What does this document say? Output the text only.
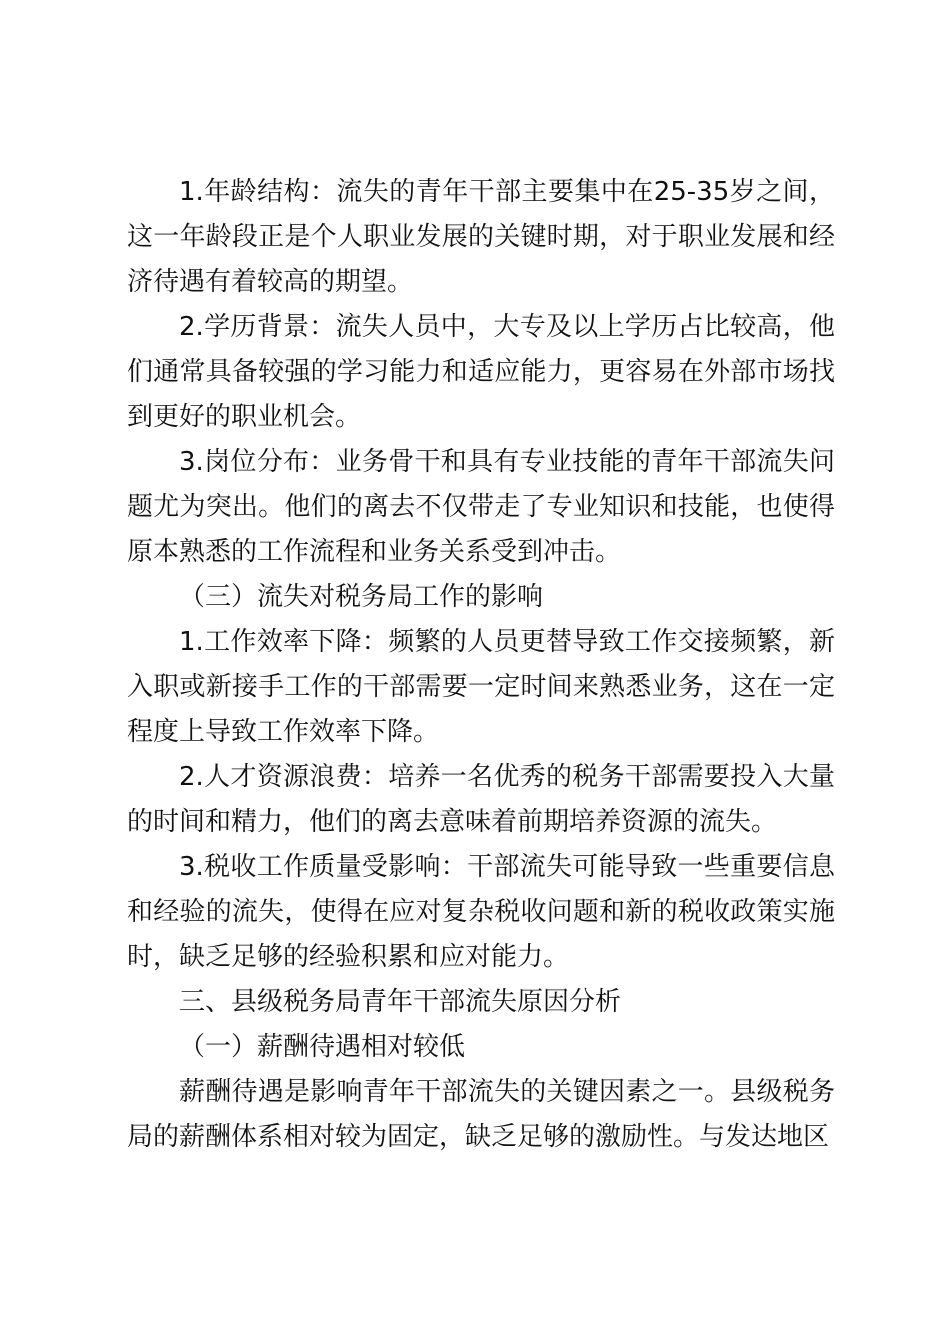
1.年龄结构：流失的青年干部主要集中在25-35岁之间，这一年龄段正是个人职业发展的关键时期，对于职业发展和经济待遇有着较高的期望。

2.学历背景：流失人员中，大专及以上学历占比较高，他们通常具备较强的学习能力和适应能力，更容易在外部市场找到更好的职业机会。

3.岗位分布：业务骨干和具有专业技能的青年干部流失问题尤为突出。他们的离去不仅带走了专业知识和技能，也使得原本熟悉的工作流程和业务关系受到冲击。

（三）流失对税务局工作的影响

1.工作效率下降：频繁的人员更替导致工作交接频繁，新入职或新接手工作的干部需要一定时间来熟悉业务，这在一定程度上导致工作效率下降。

2.人才资源浪费：培养一名优秀的税务干部需要投入大量的时间和精力，他们的离去意味着前期培养资源的流失。

3.税收工作质量受影响：干部流失可能导致一些重要信息和经验的流失，使得在应对复杂税收问题和新的税收政策实施时，缺乏足够的经验积累和应对能力。

三、县级税务局青年干部流失原因分析

（一）薪酬待遇相对较低

薪酬待遇是影响青年干部流失的关键因素之一。县级税务局的薪酬体系相对较为固定，缺乏足够的激励性。与发达地区
